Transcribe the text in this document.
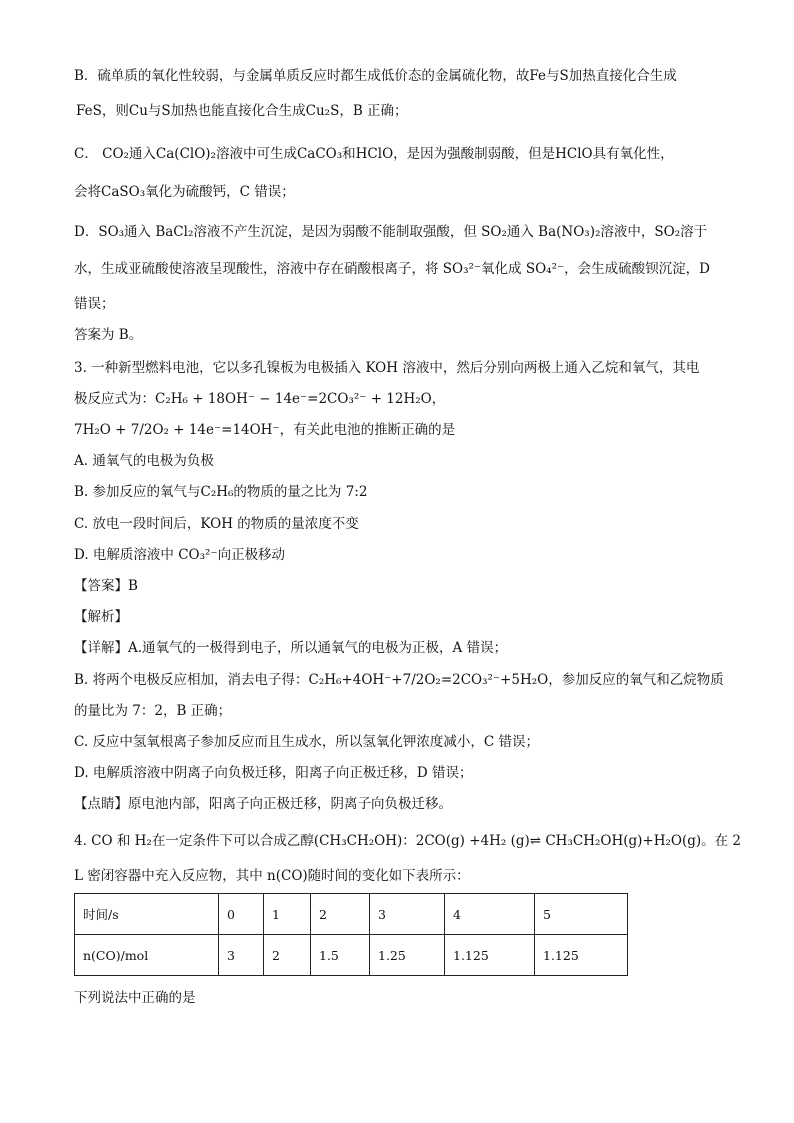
B．硫单质的氧化性较弱，与金属单质反应时都生成低价态的金属硫化物，故Fe与S加热直接化合生成
FeS，则Cu与S加热也能直接化合生成Cu₂S，B 正确；
C． CO₂通入Ca(ClO)₂溶液中可生成CaCO₃和HClO，是因为强酸制弱酸，但是HClO具有氧化性，
会将CaSO₃氧化为硫酸钙，C 错误；
D．SO₃通入 BaCl₂溶液不产生沉淀，是因为弱酸不能制取强酸，但 SO₂通入 Ba(NO₃)₂溶液中，SO₂溶于
水，生成亚硫酸使溶液呈现酸性，溶液中存在硝酸根离子，将 SO₃²⁻氧化成 SO₄²⁻，会生成硫酸钡沉淀，D
错误；
答案为 B。
3. 一种新型燃料电池，它以多孔镍板为电极插入 KOH 溶液中，然后分别向两极上通入乙烷和氧气，其电
极反应式为：C₂H₆ + 18OH⁻ − 14e⁻=2CO₃²⁻ + 12H₂O，
7H₂O + 7/2O₂ + 14e⁻=14OH⁻，有关此电池的推断正确的是
A. 通氧气的电极为负极
B. 参加反应的氧气与C₂H₆的物质的量之比为 7:2
C. 放电一段时间后，KOH 的物质的量浓度不变
D. 电解质溶液中 CO₃²⁻向正极移动
【答案】B
【解析】
【详解】A.通氧气的一极得到电子，所以通氧气的电极为正极，A 错误；
B. 将两个电极反应相加，消去电子得：C₂H₆+4OH⁻+7/2O₂=2CO₃²⁻+5H₂O，参加反应的氧气和乙烷物质
的量比为 7：2，B 正确；
C. 反应中氢氧根离子参加反应而且生成水，所以氢氧化钾浓度减小，C 错误；
D. 电解质溶液中阴离子向负极迁移，阳离子向正极迁移，D 错误；
【点睛】原电池内部，阳离子向正极迁移，阴离子向负极迁移。
4. CO 和 H₂在一定条件下可以合成乙醇(CH₃CH₂OH)：2CO(g) +4H₂ (g)⇌ CH₃CH₂OH(g)+H₂O(g)。在 2
L 密闭容器中充入反应物，其中 n(CO)随时间的变化如下表所示：
时间/s	0	1	2	3	4	5
n(CO)/mol	3	2	1.5	1.25	1.125	1.125
下列说法中正确的是
